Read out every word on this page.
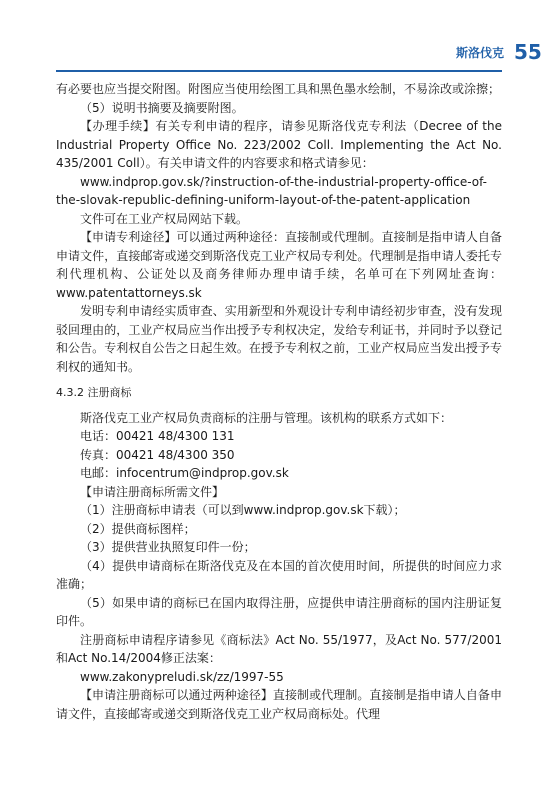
斯洛伐克 55

有必要也应当提交附图。附图应当使用绘图工具和黑色墨水绘制，不易涂改或涂擦；

（5）说明书摘要及摘要附图。

【办理手续】有关专利申请的程序，请参见斯洛伐克专利法（Decree of the Industrial Property Office No. 223/2002 Coll. Implementing the Act No. 435/2001 Coll）。有关申请文件的内容要求和格式请参见：

www.indprop.gov.sk/?instruction-of-the-industrial-property-office-of-the-slovak-republic-defining-uniform-layout-of-the-patent-application

文件可在工业产权局网站下载。

【申请专利途径】可以通过两种途径：直接制或代理制。直接制是指申请人自备申请文件，直接邮寄或递交到斯洛伐克工业产权局专利处。代理制是指申请人委托专利代理机构、公证处以及商务律师办理申请手续，名单可在下列网址查询：www.patentattorneys.sk

发明专利申请经实质审查、实用新型和外观设计专利申请经初步审查，没有发现驳回理由的，工业产权局应当作出授予专利权决定，发给专利证书，并同时予以登记和公告。专利权自公告之日起生效。在授予专利权之前，工业产权局应当发出授予专利权的通知书。

4.3.2 注册商标

斯洛伐克工业产权局负责商标的注册与管理。该机构的联系方式如下：

电话：00421 48/4300 131

传真：00421 48/4300 350

电邮：infocentrum@indprop.gov.sk

【申请注册商标所需文件】

（1）注册商标申请表（可以到www.indprop.gov.sk下载）；

（2）提供商标图样；

（3）提供营业执照复印件一份；

（4）提供申请商标在斯洛伐克及在本国的首次使用时间，所提供的时间应力求准确；

（5）如果申请的商标已在国内取得注册，应提供申请注册商标的国内注册证复印件。

注册商标申请程序请参见《商标法》Act No. 55/1977，及Act No. 577/2001和Act No.14/2004修正法案：

www.zakonypreludi.sk/zz/1997-55

【申请注册商标可以通过两种途径】直接制或代理制。直接制是指申请人自备申请文件，直接邮寄或递交到斯洛伐克工业产权局商标处。代理
